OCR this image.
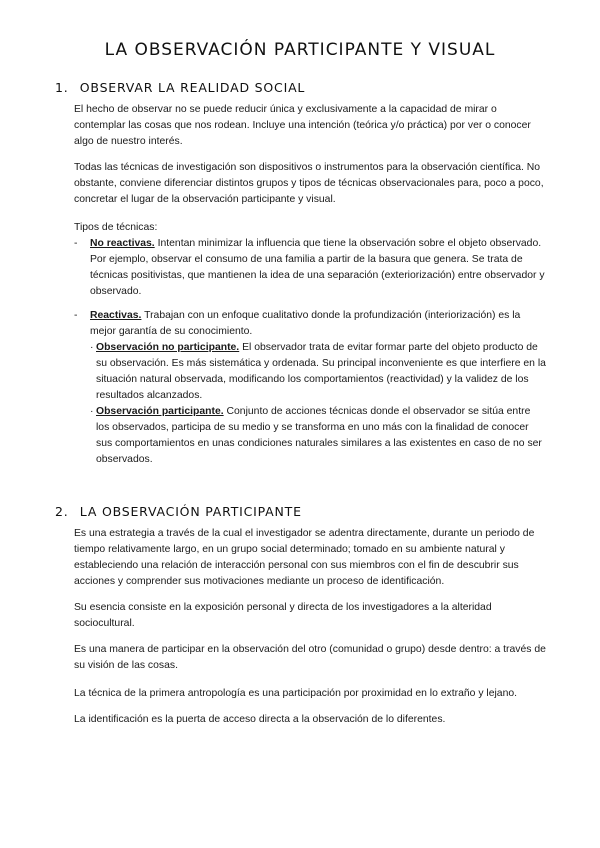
LA OBSERVACIÓN PARTICIPANTE Y VISUAL
1. OBSERVAR LA REALIDAD SOCIAL

El hecho de observar no se puede reducir única y exclusivamente a la capacidad de mirar o contemplar las cosas que nos rodean. Incluye una intención (teórica y/o práctica) por ver o conocer algo de nuestro interés.

Todas las técnicas de investigación son dispositivos o instrumentos para la observación científica. No obstante, conviene diferenciar distintos grupos y tipos de técnicas observacionales para, poco a poco, concretar el lugar de la observación participante y visual.

Tipos de técnicas:

- No reactivas. Intentan minimizar la influencia que tiene la observación sobre el objeto observado. Por ejemplo, observar el consumo de una familia a partir de la basura que genera. Se trata de técnicas positivistas, que mantienen la idea de una separación (exteriorización) entre observador y observado.
- Reactivas. Trabajan con un enfoque cualitativo donde la profundización (interiorización) es la mejor garantía de su conocimiento.
· Observación no participante. El observador trata de evitar formar parte del objeto producto de su observación. Es más sistemática y ordenada. Su principal inconveniente es que interfiere en la situación natural observada, modificando los comportamientos (reactividad) y la validez de los resultados alcanzados.
· Observación participante. Conjunto de acciones técnicas donde el observador se sitúa entre los observados, participa de su medio y se transforma en uno más con la finalidad de conocer sus comportamientos en unas condiciones naturales similares a las existentes en caso de no ser observados.
2. LA OBSERVACIÓN PARTICIPANTE

Es una estrategia a través de la cual el investigador se adentra directamente, durante un periodo de tiempo relativamente largo, en un grupo social determinado; tomado en su ambiente natural y estableciendo una relación de interacción personal con sus miembros con el fin de descubrir sus acciones y comprender sus motivaciones mediante un proceso de identificación.

Su esencia consiste en la exposición personal y directa de los investigadores a la alteridad sociocultural.

Es una manera de participar en la observación del otro (comunidad o grupo) desde dentro: a través de su visión de las cosas.

La técnica de la primera antropología es una participación por proximidad en lo extraño y lejano.

La identificación es la puerta de acceso directa a la observación de lo diferentes.
